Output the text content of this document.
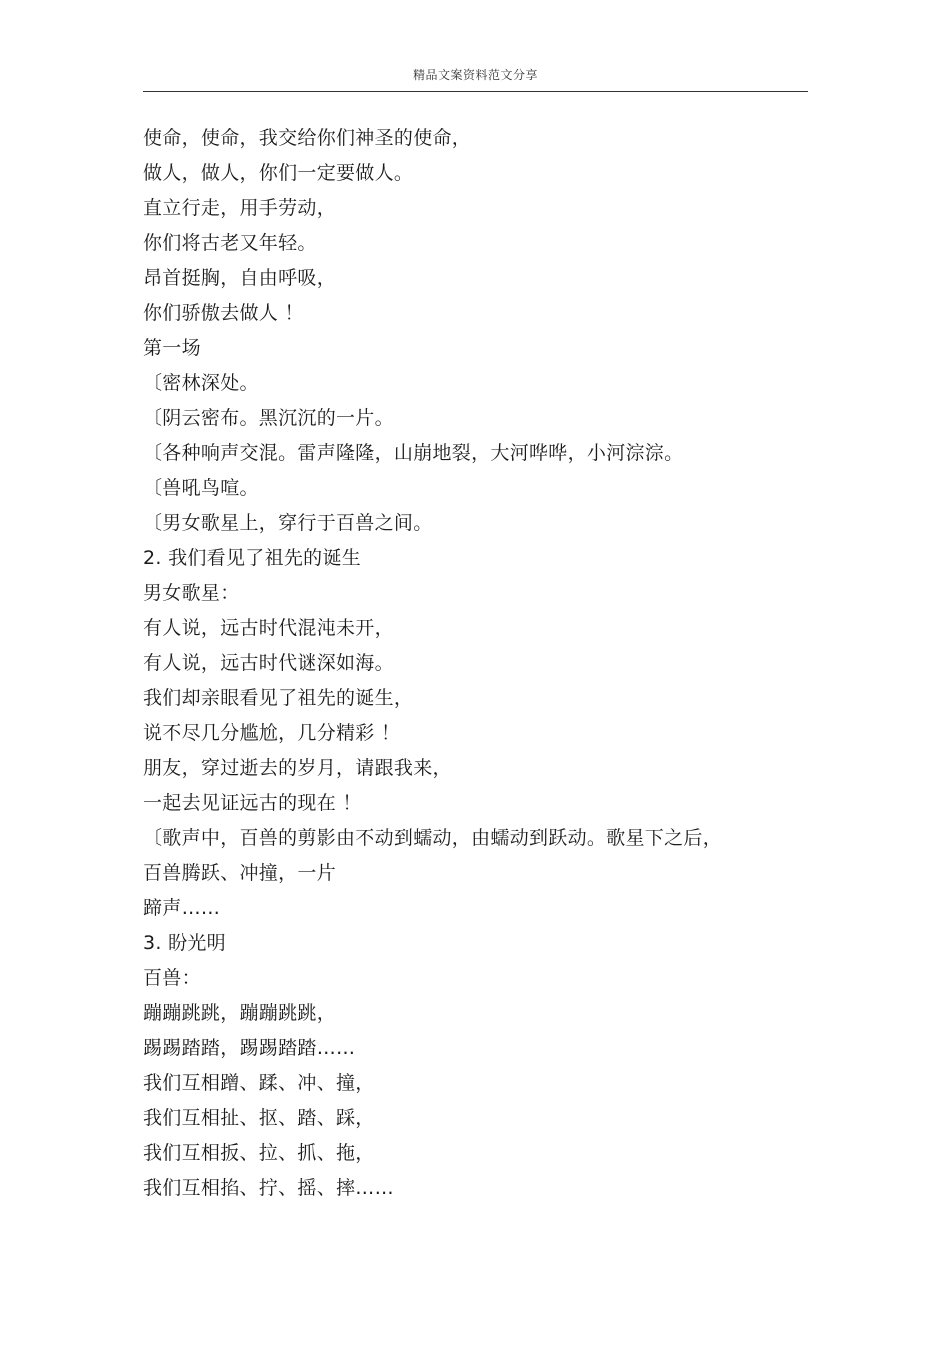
精品文案资料范文分享
使命，使命，我交给你们神圣的使命，
做人，做人，你们一定要做人。
直立行走，用手劳动，
你们将古老又年轻。
昂首挺胸，自由呼吸，
你们骄傲去做人 ！
第一场
〔密林深处。
〔阴云密布。黑沉沉的一片。
〔各种响声交混。雷声隆隆，山崩地裂，大河哗哗，小河淙淙。
〔兽吼鸟喧。
〔男女歌星上，穿行于百兽之间。
2. 我们看见了祖先的诞生
男女歌星：
有人说，远古时代混沌未开，
有人说，远古时代谜深如海。
我们却亲眼看见了祖先的诞生，
说不尽几分尴尬，几分精彩 ！
朋友，穿过逝去的岁月，请跟我来，
一起去见证远古的现在 ！
〔歌声中，百兽的剪影由不动到蠕动，由蠕动到跃动。歌星下之后，
百兽腾跃、冲撞，一片
蹄声……
3. 盼光明
百兽：
蹦蹦跳跳，蹦蹦跳跳，
踢踢踏踏，踢踢踏踏……
我们互相蹭、蹂、冲、撞，
我们互相扯、抠、踏、踩，
我们互相扳、拉、抓、拖，
我们互相掐、拧、摇、摔……
